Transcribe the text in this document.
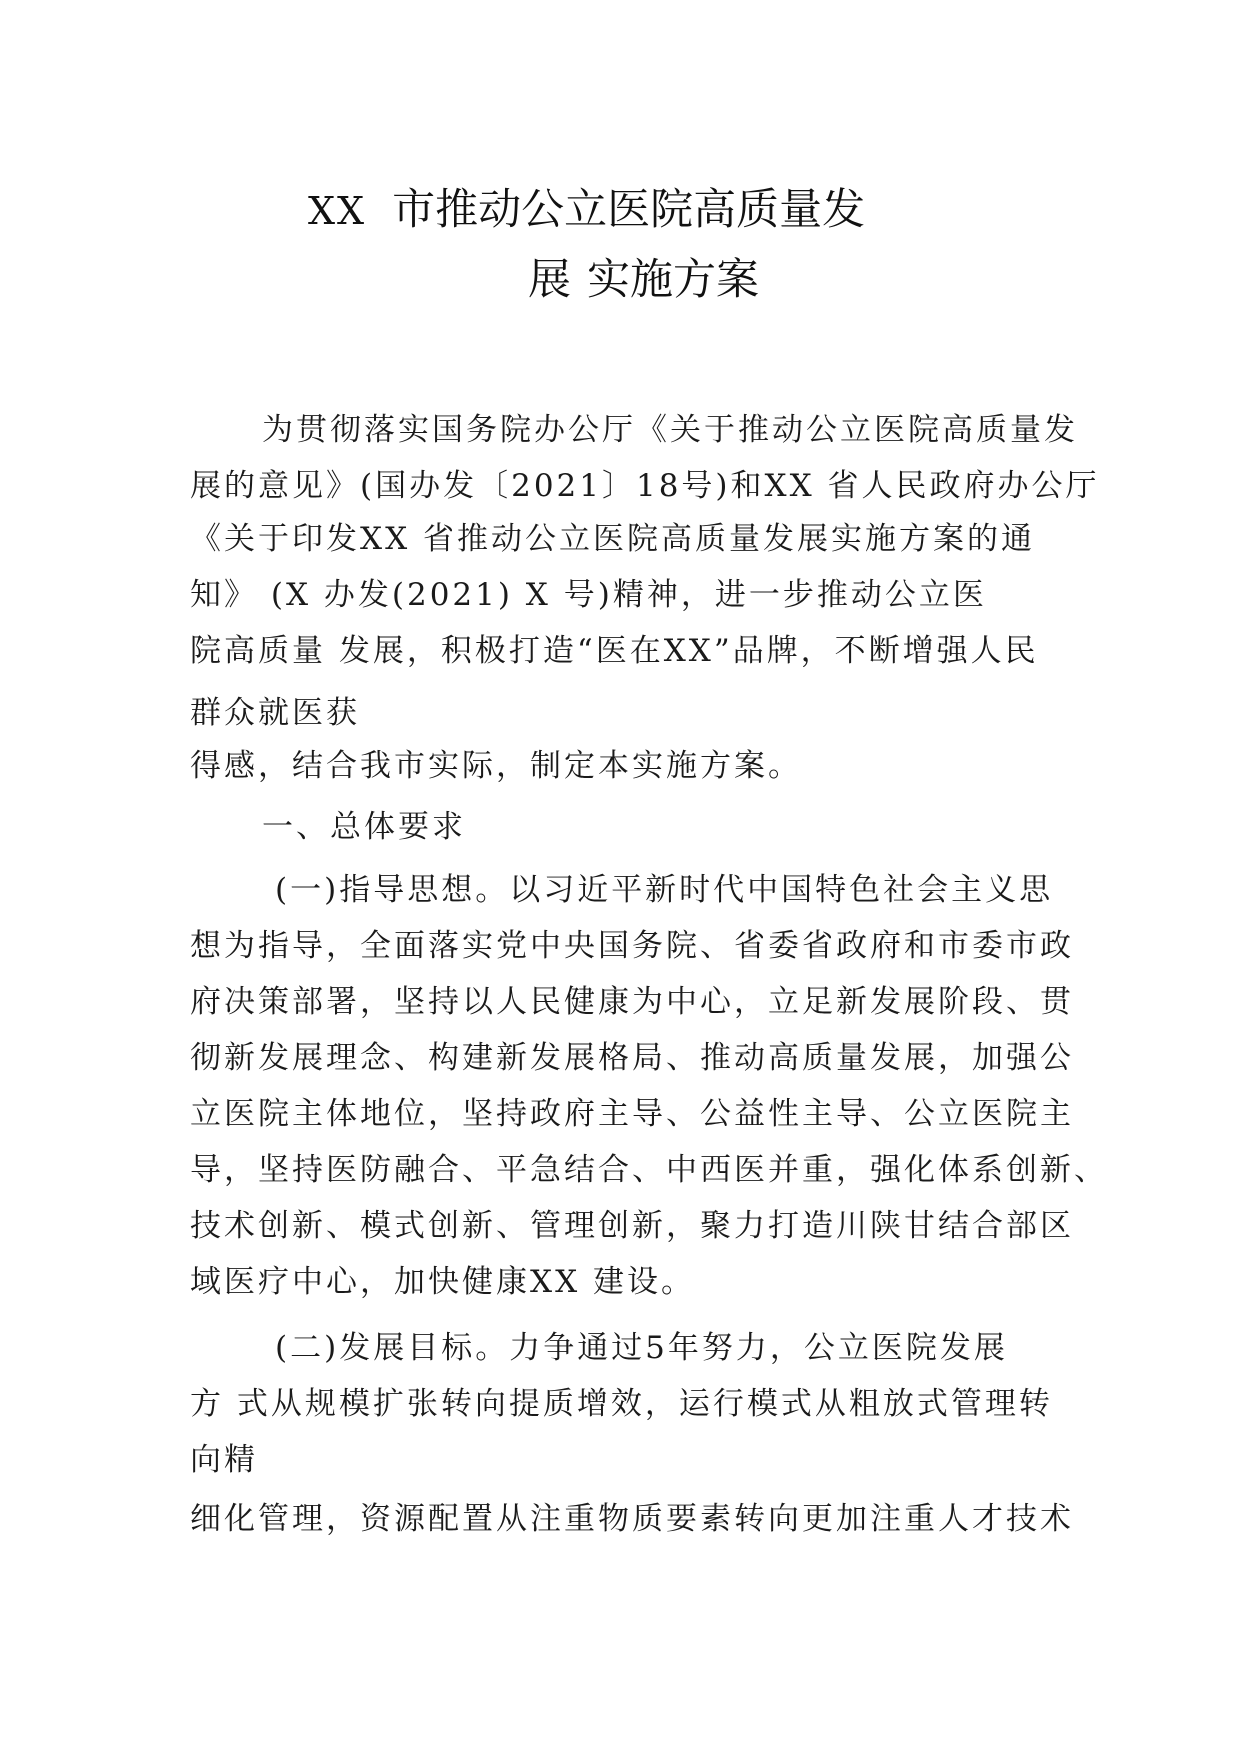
XX 市推动公立医院高质量发
展 实施方案
为贯彻落实国务院办公厅《关于推动公立医院高质量发
展的意见》(国办发〔2021〕18号)和XX 省人民政府办公厅
《关于印发XX 省推动公立医院高质量发展实施方案的通
知》 (X 办发(2021) X 号)精神，进一步推动公立医
院高质量 发展，积极打造“医在XX”品牌，不断增强人民
群众就医获
得感，结合我市实际，制定本实施方案。
一、总体要求
(一)指导思想。以习近平新时代中国特色社会主义思
想为指导，全面落实党中央国务院、省委省政府和市委市政
府决策部署，坚持以人民健康为中心，立足新发展阶段、贯
彻新发展理念、构建新发展格局、推动高质量发展，加强公
立医院主体地位，坚持政府主导、公益性主导、公立医院主
导，坚持医防融合、平急结合、中西医并重，强化体系创新、
技术创新、模式创新、管理创新，聚力打造川陕甘结合部区
域医疗中心，加快健康XX 建设。
(二)发展目标。力争通过5年努力，公立医院发展
方 式从规模扩张转向提质增效，运行模式从粗放式管理转
向精
细化管理，资源配置从注重物质要素转向更加注重人才技术
